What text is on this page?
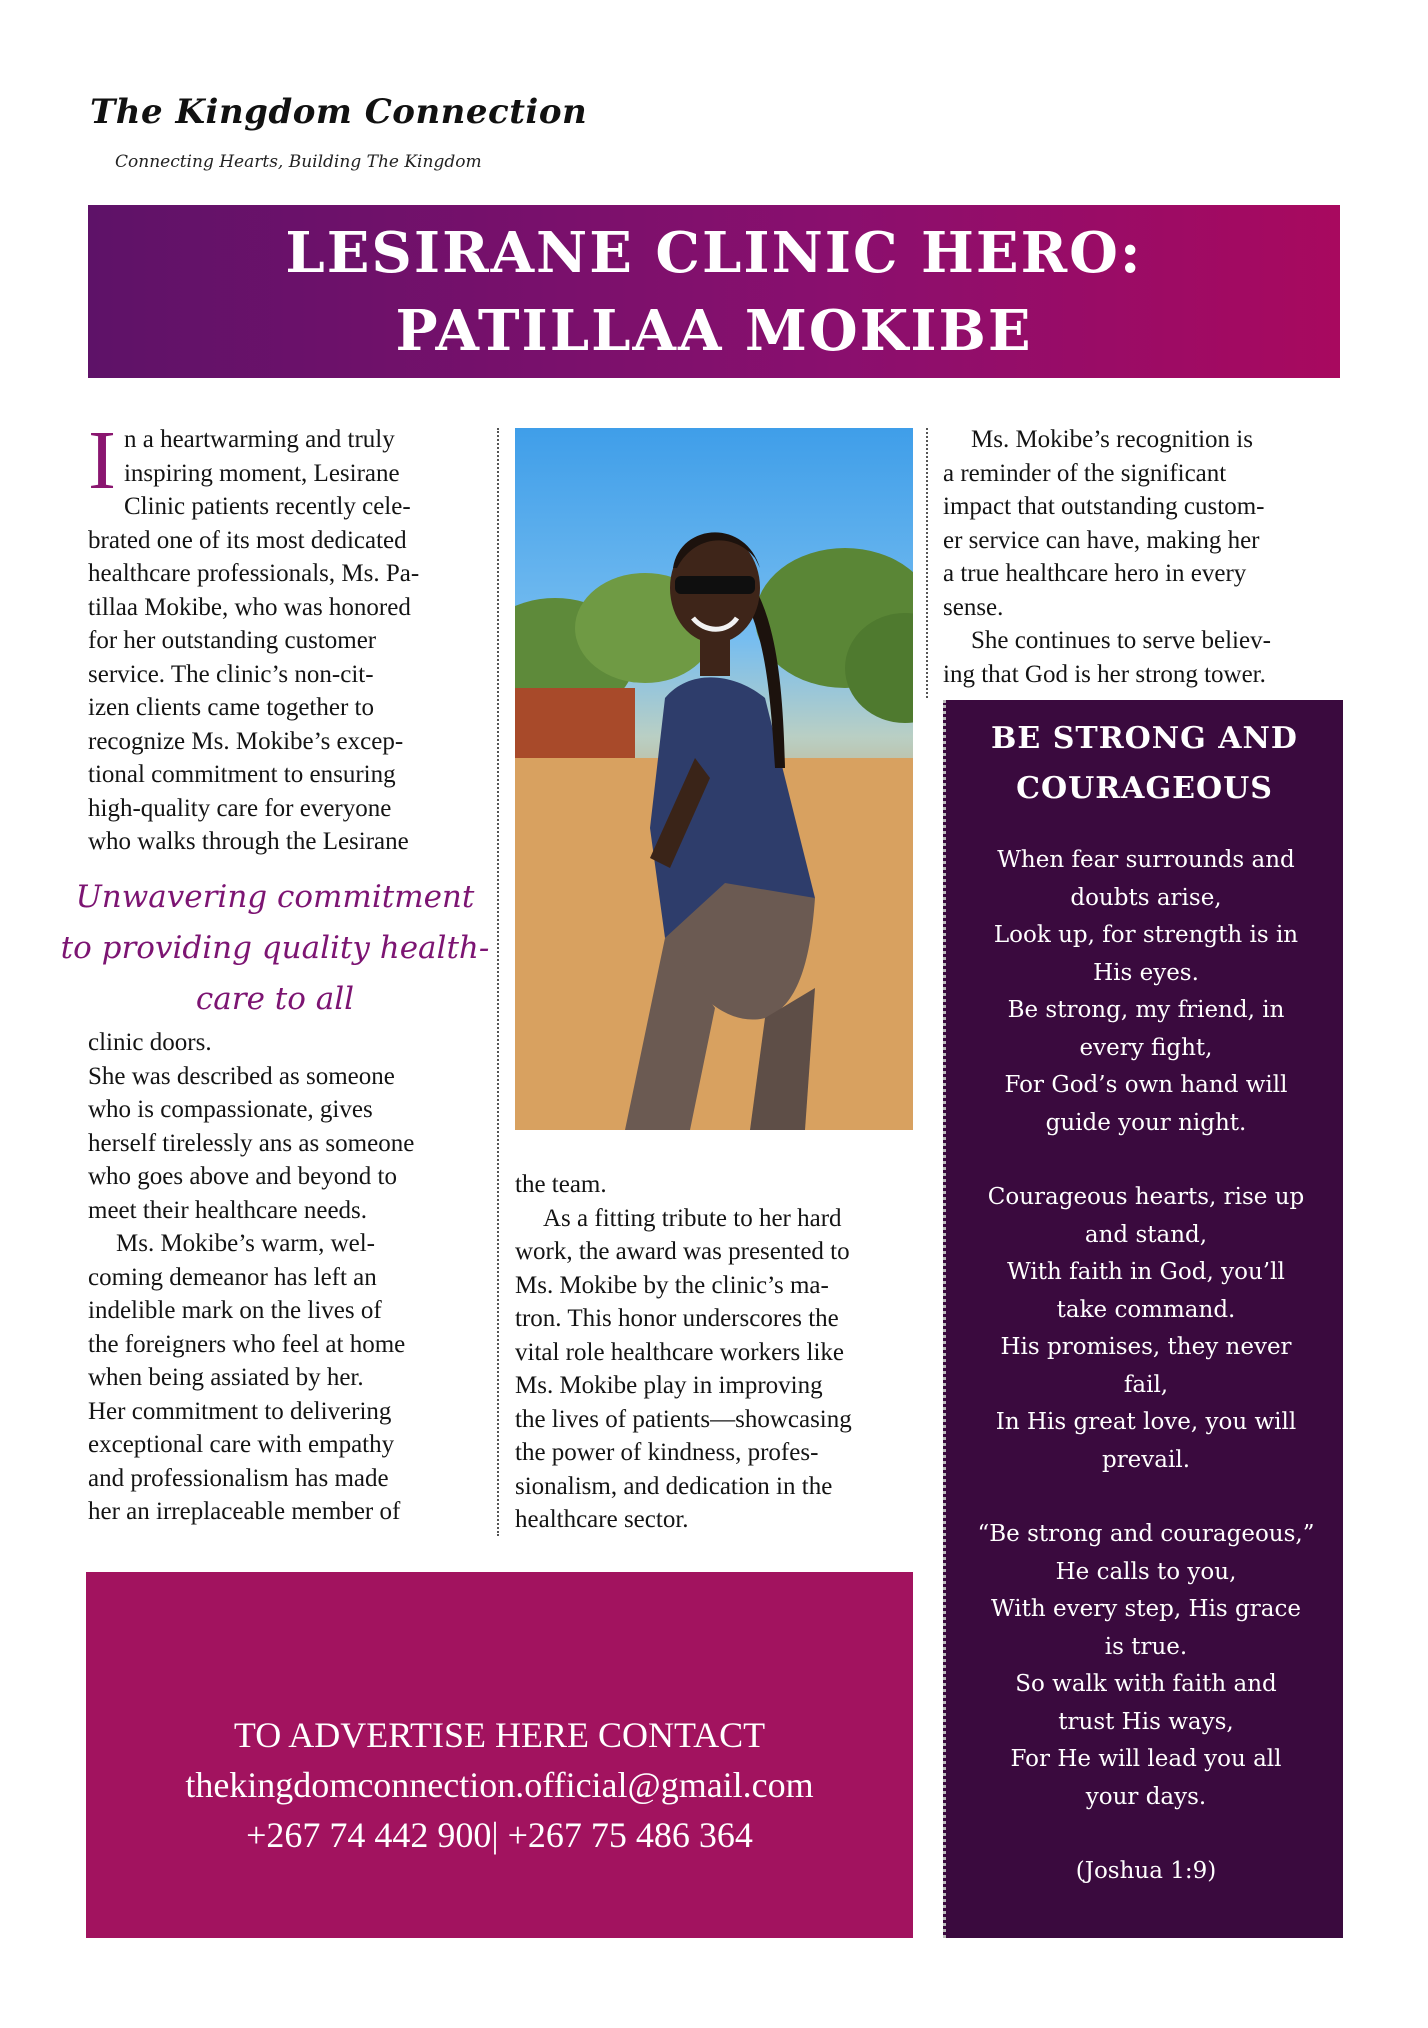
The Kingdom Connection
Connecting Hearts, Building The Kingdom
LESIRANE CLINIC HERO:
PATILLAA MOKIBE
I n a heartwarming and truly
inspiring moment, Lesirane
Clinic patients recently cele-
brated one of its most dedicated
healthcare professionals, Ms. Pa-
tillaa Mokibe, who was honored
for her outstanding customer
service. The clinic’s non-cit-
izen clients came together to
recognize Ms. Mokibe’s excep-
tional commitment to ensuring
high-quality care for everyone
who walks through the Lesirane
Unwavering commitment
to providing quality health-
care to all
clinic doors.
She was described as someone
who is compassionate, gives
herself tirelessly ans as someone
who goes above and beyond to
meet their healthcare needs.
Ms. Mokibe’s warm, wel-
coming demeanor has left an
indelible mark on the lives of
the foreigners who feel at home
when being assiated by her.
Her commitment to delivering
exceptional care with empathy
and professionalism has made
her an irreplaceable member of
the team.
As a fitting tribute to her hard
work, the award was presented to
Ms. Mokibe by the clinic’s ma-
tron. This honor underscores the
vital role healthcare workers like
Ms. Mokibe play in improving
the lives of patients—showcasing
the power of kindness, profes-
sionalism, and dedication in the
healthcare sector.
Ms. Mokibe’s recognition is
a reminder of the significant
impact that outstanding custom-
er service can have, making her
a true healthcare hero in every
sense.
She continues to serve believ-
ing that God is her strong tower.
BE STRONG AND
COURAGEOUS
When fear surrounds and
doubts arise,
Look up, for strength is in
His eyes.
Be strong, my friend, in
every fight,
For God’s own hand will
guide your night.
Courageous hearts, rise up
and stand,
With faith in God, you’ll
take command.
His promises, they never
fail,
In His great love, you will
prevail.
“Be strong and courageous,”
He calls to you,
With every step, His grace
is true.
So walk with faith and
trust His ways,
For He will lead you all
your days.
(Joshua 1:9)
TO ADVERTISE HERE CONTACT
thekingdomconnection.official@gmail.com
+267 74 442 900| +267 75 486 364
